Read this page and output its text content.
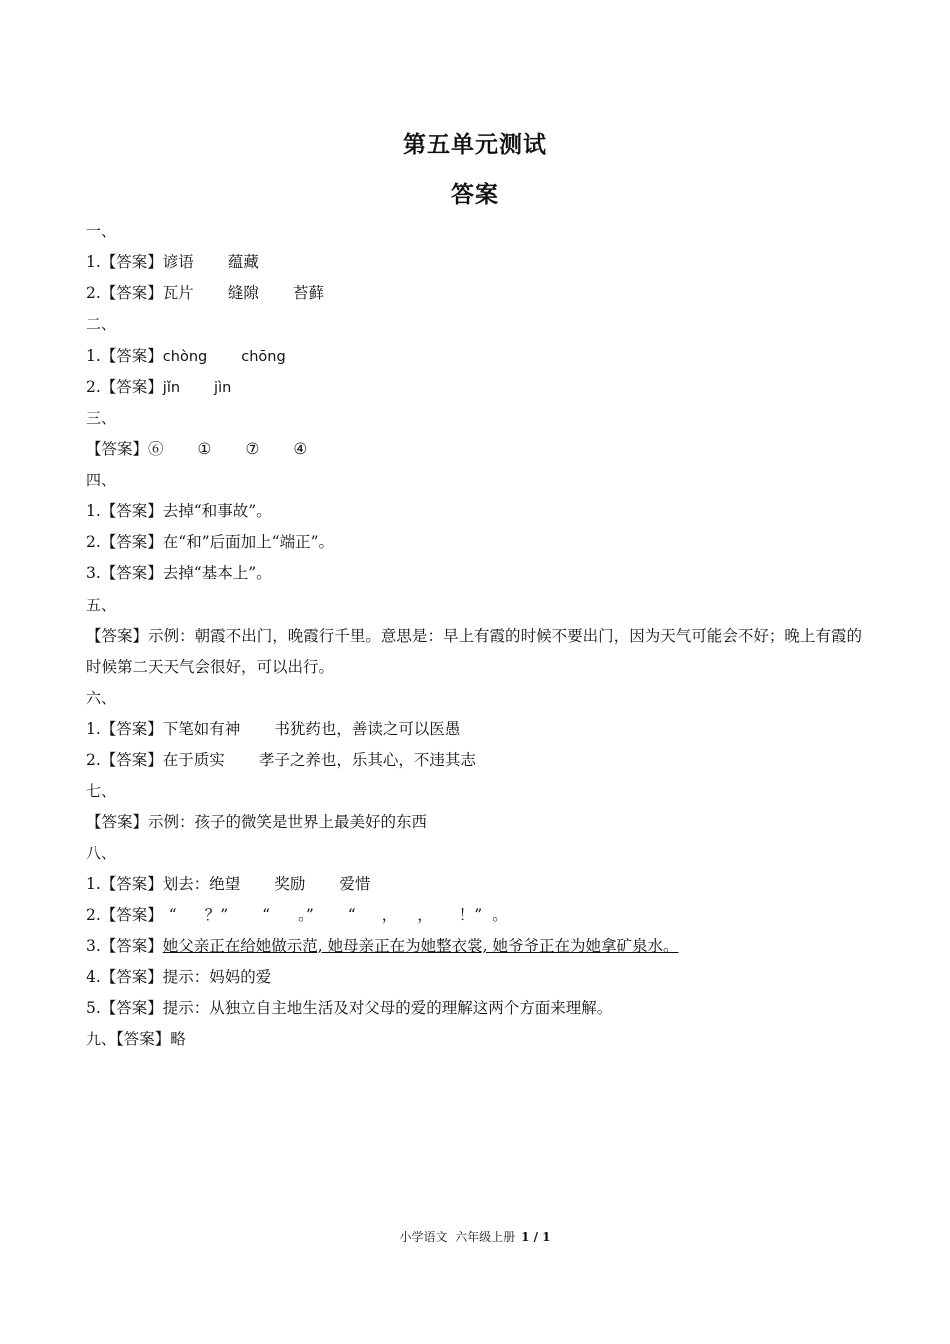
第五单元测试
答案
一、
1.【答案】谚语 蕴藏
2.【答案】瓦片 缝隙 苔藓
二、
1.【答案】chòng chōng
2.【答案】jǐn jìn
三、
【答案】⑥ ① ⑦ ④
四、
1.【答案】去掉“和事故”。
2.【答案】在“和”后面加上“端正”。
3.【答案】去掉“基本上”。
五、
【答案】示例：朝霞不出门，晚霞行千里。意思是：早上有霞的时候不要出门，因为天气可能会不好；晚上有霞的时候第二天天气会很好，可以出行。
六、
1.【答案】下笔如有神 书犹药也，善读之可以医愚
2.【答案】在于质实 孝子之养也，乐其心，不违其志
七、
【答案】示例：孩子的微笑是世界上最美好的东西
八、
1.【答案】划去：绝望 奖励 爱惜
2.【答案】 “ ？” “ 。” “ ， ， ！” 。
3.【答案】她父亲正在给她做示范, 她母亲正在为她整衣裳, 她爷爷正在为她拿矿泉水。
4.【答案】提示：妈妈的爱
5.【答案】提示：从独立自主地生活及对父母的爱的理解这两个方面来理解。
九、【答案】略
小学语文  六年级上册 1 / 1
